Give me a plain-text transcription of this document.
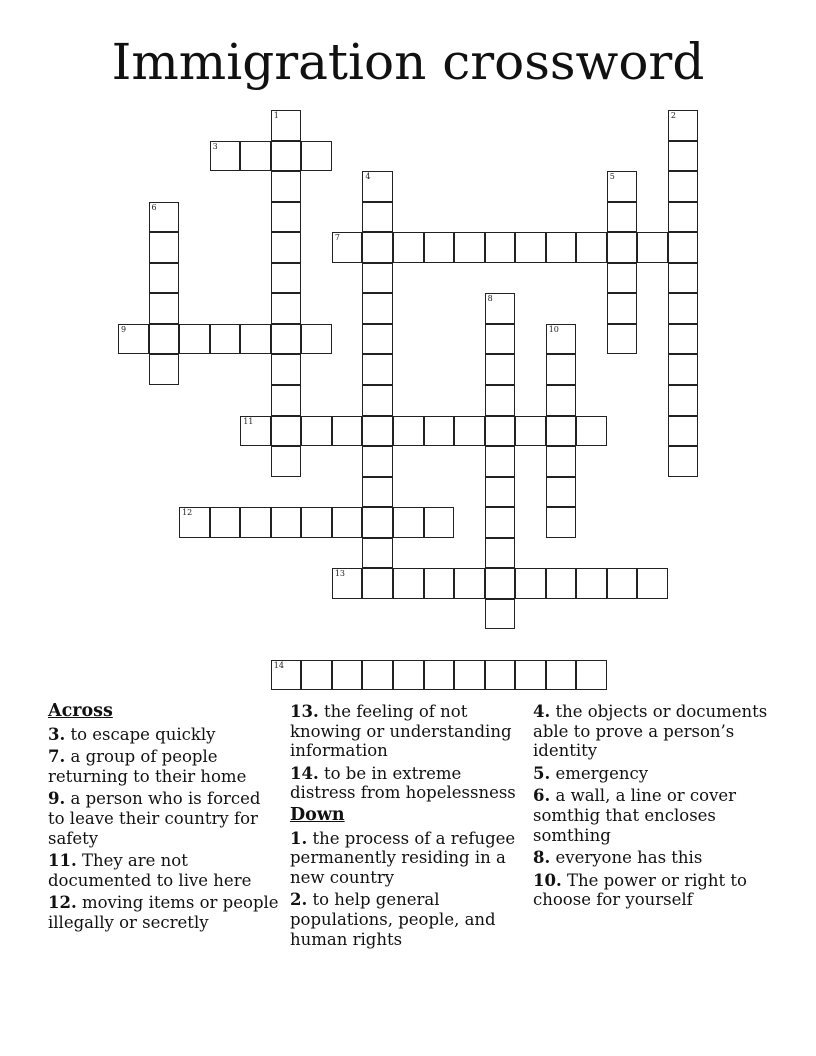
Immigration crossword
1	2
3
4	5
6
7
8
9	10
11
12
13
14
Across
3. to escape quickly
7. a group of people returning to their home
9. a person who is forced to leave their country for safety
11. They are not documented to live here
12. moving items or people illegally or secretly
13. the feeling of not knowing or understanding information
14. to be in extreme distress from hopelessness
Down
1. the process of a refugee permanently residing in a new country
2. to help general populations, people, and human rights
4. the objects or documents able to prove a person’s identity
5. emergency
6. a wall, a line or cover somthig that encloses somthing
8. everyone has this
10. The power or right to choose for yourself
